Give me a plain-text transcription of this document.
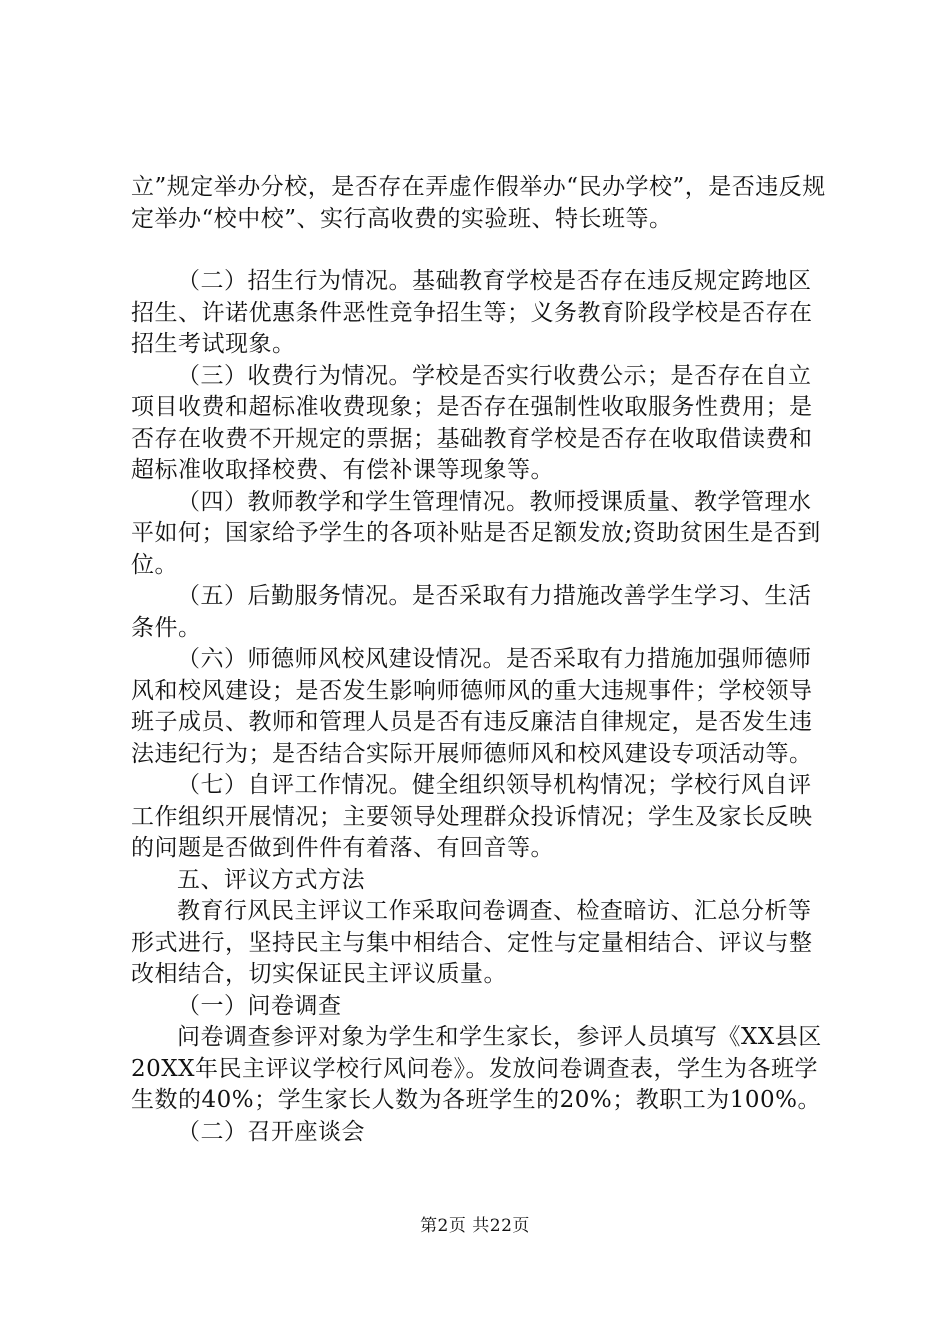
立”规定举办分校，是否存在弄虚作假举办“民办学校”，是否违反规定举办“校中校”、实行高收费的实验班、特长班等。

（二）招生行为情况。基础教育学校是否存在违反规定跨地区招生、许诺优惠条件恶性竞争招生等；义务教育阶段学校是否存在招生考试现象。

（三）收费行为情况。学校是否实行收费公示；是否存在自立项目收费和超标准收费现象；是否存在强制性收取服务性费用；是否存在收费不开规定的票据；基础教育学校是否存在收取借读费和超标准收取择校费、有偿补课等现象等。

（四）教师教学和学生管理情况。教师授课质量、教学管理水平如何；国家给予学生的各项补贴是否足额发放;资助贫困生是否到位。

（五）后勤服务情况。是否采取有力措施改善学生学习、生活条件。

（六）师德师风校风建设情况。是否采取有力措施加强师德师风和校风建设；是否发生影响师德师风的重大违规事件；学校领导班子成员、教师和管理人员是否有违反廉洁自律规定，是否发生违法违纪行为；是否结合实际开展师德师风和校风建设专项活动等。

（七）自评工作情况。健全组织领导机构情况；学校行风自评工作组织开展情况；主要领导处理群众投诉情况；学生及家长反映的问题是否做到件件有着落、有回音等。

五、评议方式方法

教育行风民主评议工作采取问卷调查、检查暗访、汇总分析等形式进行，坚持民主与集中相结合、定性与定量相结合、评议与整改相结合，切实保证民主评议质量。

（一）问卷调查

问卷调查参评对象为学生和学生家长，参评人员填写《XX县区20XX年民主评议学校行风问卷》。发放问卷调查表，学生为各班学生数的40%；学生家长人数为各班学生的20%；教职工为100%。

（二）召开座谈会

第2页 共22页
